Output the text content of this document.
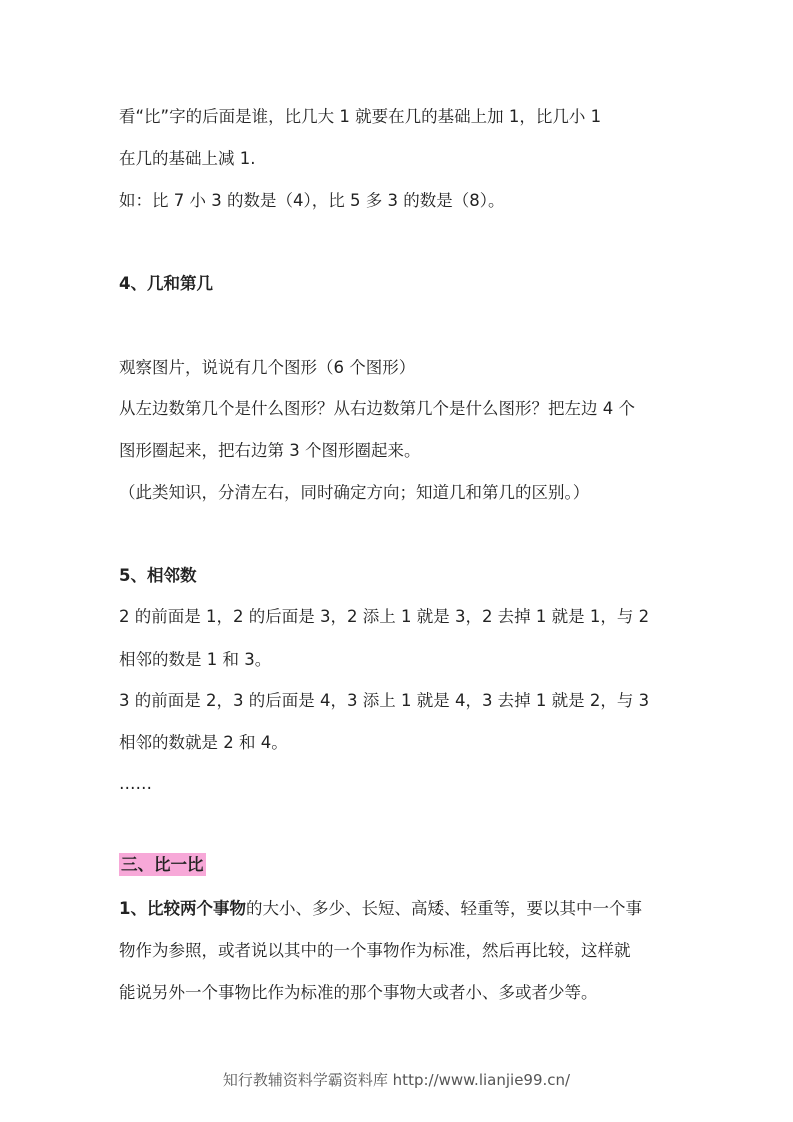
看“比”字的后面是谁，比几大 1 就要在几的基础上加 1，比几小 1
在几的基础上减 1.
如：比 7 小 3 的数是（4），比 5 多 3 的数是（8）。
4、几和第几
观察图片，说说有几个图形（6 个图形）
从左边数第几个是什么图形？从右边数第几个是什么图形？把左边 4 个
图形圈起来，把右边第 3 个图形圈起来。
（此类知识，分清左右，同时确定方向；知道几和第几的区别。）
5、相邻数
2 的前面是 1，2 的后面是 3，2 添上 1 就是 3，2 去掉 1 就是 1，与 2
相邻的数是 1 和 3。
3 的前面是 2，3 的后面是 4，3 添上 1 就是 4，3 去掉 1 就是 2，与 3
相邻的数就是 2 和 4。
……
三、比一比
1、比较两个事物的大小、多少、长短、高矮、轻重等，要以其中一个事
物作为参照，或者说以其中的一个事物作为标准，然后再比较，这样就
能说另外一个事物比作为标准的那个事物大或者小、多或者少等。
知行教辅资料学霸资料库 http://www.lianjie99.cn/
